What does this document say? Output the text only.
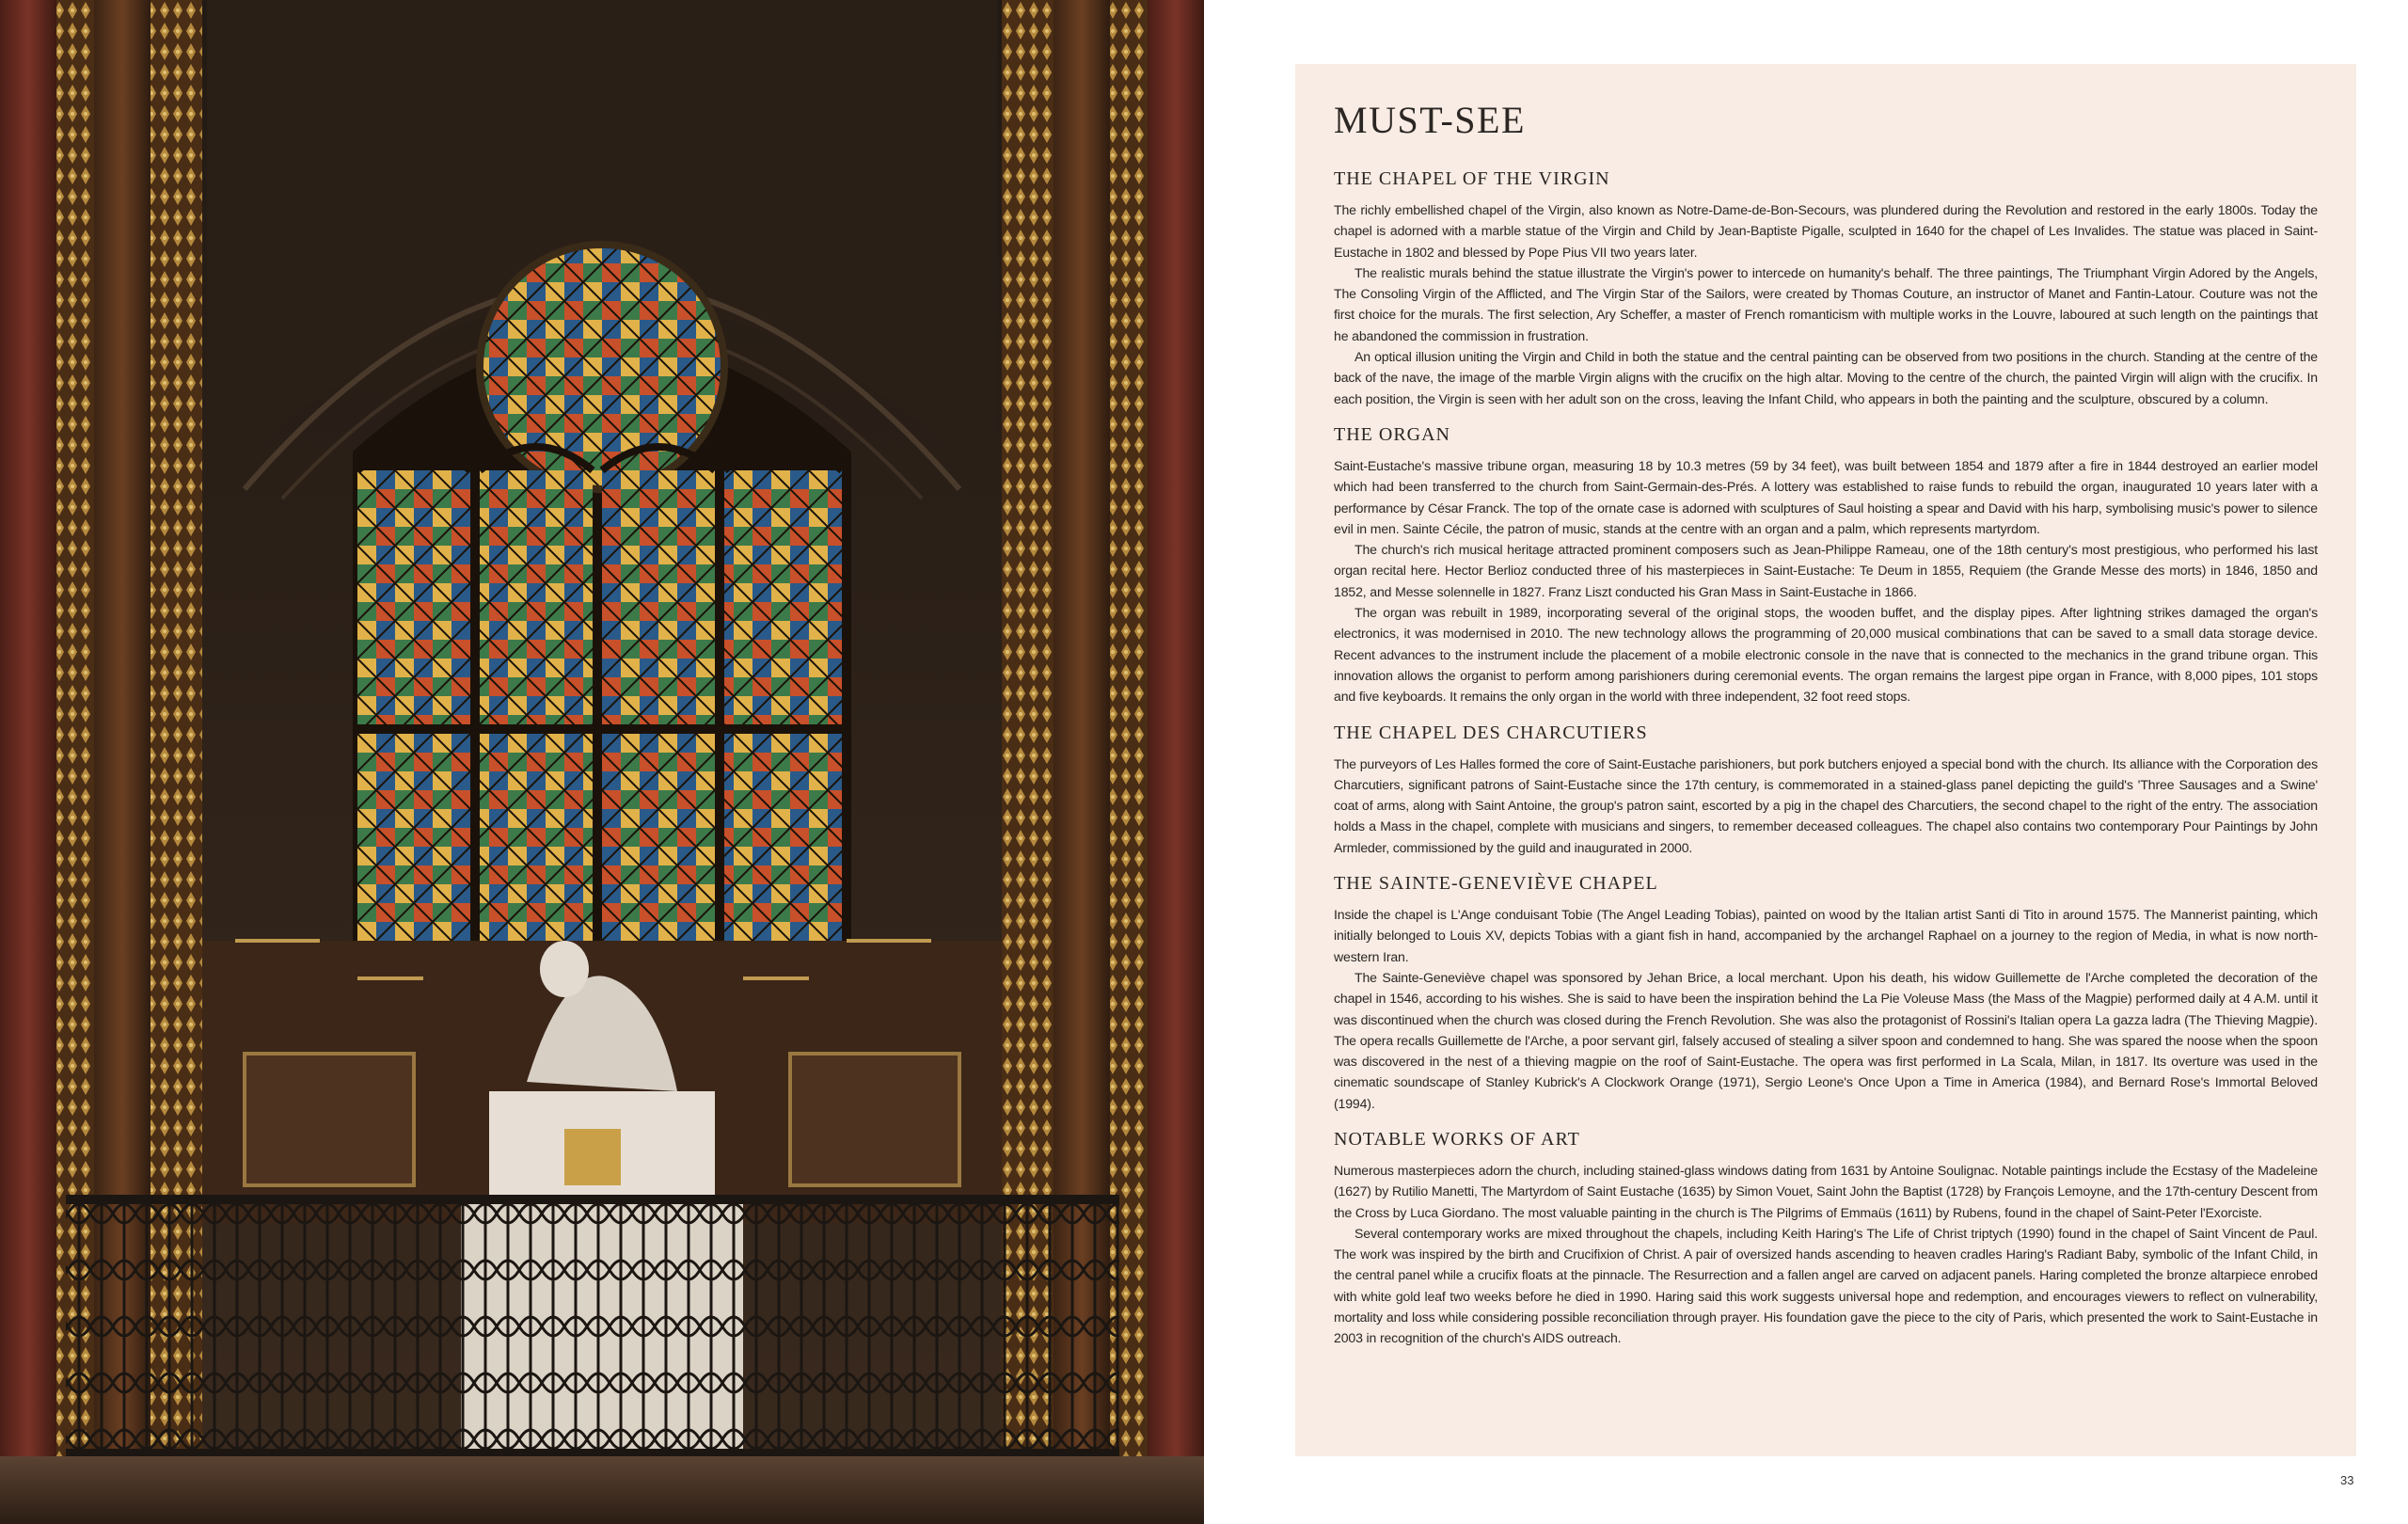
MUST-SEE
THE CHAPEL OF THE VIRGIN

The richly embellished chapel of the Virgin, also known as Notre-Dame-de-Bon-Secours, was plundered during the Revolution and restored in the early 1800s. Today the chapel is adorned with a marble statue of the Virgin and Child by Jean-Baptiste Pigalle, sculpted in 1640 for the chapel of Les Invalides. The statue was placed in Saint-Eustache in 1802 and blessed by Pope Pius VII two years later.

The realistic murals behind the statue illustrate the Virgin's power to intercede on humanity's behalf. The three paintings, The Triumphant Virgin Adored by the Angels, The Consoling Virgin of the Afflicted, and The Virgin Star of the Sailors, were created by Thomas Couture, an instructor of Manet and Fantin-Latour. Couture was not the first choice for the murals. The first selection, Ary Scheffer, a master of French romanticism with multiple works in the Louvre, laboured at such length on the paintings that he abandoned the commission in frustration.

An optical illusion uniting the Virgin and Child in both the statue and the central painting can be observed from two positions in the church. Standing at the centre of the back of the nave, the image of the marble Virgin aligns with the crucifix on the high altar. Moving to the centre of the church, the painted Virgin will align with the crucifix. In each position, the Virgin is seen with her adult son on the cross, leaving the Infant Child, who appears in both the painting and the sculpture, obscured by a column.

THE ORGAN

Saint-Eustache's massive tribune organ, measuring 18 by 10.3 metres (59 by 34 feet), was built between 1854 and 1879 after a fire in 1844 destroyed an earlier model which had been transferred to the church from Saint-Germain-des-Prés. A lottery was established to raise funds to rebuild the organ, inaugurated 10 years later with a performance by César Franck. The top of the ornate case is adorned with sculptures of Saul hoisting a spear and David with his harp, symbolising music's power to silence evil in men. Sainte Cécile, the patron of music, stands at the centre with an organ and a palm, which represents martyrdom.

The church's rich musical heritage attracted prominent composers such as Jean-Philippe Rameau, one of the 18th century's most prestigious, who performed his last organ recital here. Hector Berlioz conducted three of his masterpieces in Saint-Eustache: Te Deum in 1855, Requiem (the Grande Messe des morts) in 1846, 1850 and 1852, and Messe solennelle in 1827. Franz Liszt conducted his Gran Mass in Saint-Eustache in 1866.

The organ was rebuilt in 1989, incorporating several of the original stops, the wooden buffet, and the display pipes. After lightning strikes damaged the organ's electronics, it was modernised in 2010. The new technology allows the programming of 20,000 musical combinations that can be saved to a small data storage device. Recent advances to the instrument include the placement of a mobile electronic console in the nave that is connected to the mechanics in the grand tribune organ. This innovation allows the organist to perform among parishioners during ceremonial events. The organ remains the largest pipe organ in France, with 8,000 pipes, 101 stops and five keyboards. It remains the only organ in the world with three independent, 32 foot reed stops.

THE CHAPEL DES CHARCUTIERS

The purveyors of Les Halles formed the core of Saint-Eustache parishioners, but pork butchers enjoyed a special bond with the church. Its alliance with the Corporation des Charcutiers, significant patrons of Saint-Eustache since the 17th century, is commemorated in a stained-glass panel depicting the guild's 'Three Sausages and a Swine' coat of arms, along with Saint Antoine, the group's patron saint, escorted by a pig in the chapel des Charcutiers, the second chapel to the right of the entry. The association holds a Mass in the chapel, complete with musicians and singers, to remember deceased colleagues. The chapel also contains two contemporary Pour Paintings by John Armleder, commissioned by the guild and inaugurated in 2000.

THE SAINTE-GENEVIÈVE CHAPEL

Inside the chapel is L'Ange conduisant Tobie (The Angel Leading Tobias), painted on wood by the Italian artist Santi di Tito in around 1575. The Mannerist painting, which initially belonged to Louis XV, depicts Tobias with a giant fish in hand, accompanied by the archangel Raphael on a journey to the region of Media, in what is now north-western Iran.

The Sainte-Geneviève chapel was sponsored by Jehan Brice, a local merchant. Upon his death, his widow Guillemette de l'Arche completed the decoration of the chapel in 1546, according to his wishes. She is said to have been the inspiration behind the La Pie Voleuse Mass (the Mass of the Magpie) performed daily at 4 A.M. until it was discontinued when the church was closed during the French Revolution. She was also the protagonist of Rossini's Italian opera La gazza ladra (The Thieving Magpie). The opera recalls Guillemette de l'Arche, a poor servant girl, falsely accused of stealing a silver spoon and condemned to hang. She was spared the noose when the spoon was discovered in the nest of a thieving magpie on the roof of Saint-Eustache. The opera was first performed in La Scala, Milan, in 1817. Its overture was used in the cinematic soundscape of Stanley Kubrick's A Clockwork Orange (1971), Sergio Leone's Once Upon a Time in America (1984), and Bernard Rose's Immortal Beloved (1994).

NOTABLE WORKS OF ART

Numerous masterpieces adorn the church, including stained-glass windows dating from 1631 by Antoine Soulignac. Notable paintings include the Ecstasy of the Madeleine (1627) by Rutilio Manetti, The Martyrdom of Saint Eustache (1635) by Simon Vouet, Saint John the Baptist (1728) by François Lemoyne, and the 17th-century Descent from the Cross by Luca Giordano. The most valuable painting in the church is The Pilgrims of Emmaüs (1611) by Rubens, found in the chapel of Saint-Peter l'Exorciste.

Several contemporary works are mixed throughout the chapels, including Keith Haring's The Life of Christ triptych (1990) found in the chapel of Saint Vincent de Paul. The work was inspired by the birth and Crucifixion of Christ. A pair of oversized hands ascending to heaven cradles Haring's Radiant Baby, symbolic of the Infant Child, in the central panel while a crucifix floats at the pinnacle. The Resurrection and a fallen angel are carved on adjacent panels. Haring completed the bronze altarpiece enrobed with white gold leaf two weeks before he died in 1990. Haring said this work suggests universal hope and redemption, and encourages viewers to reflect on vulnerability, mortality and loss while considering possible reconciliation through prayer. His foundation gave the piece to the city of Paris, which presented the work to Saint-Eustache in 2003 in recognition of the church's AIDS outreach.

33
